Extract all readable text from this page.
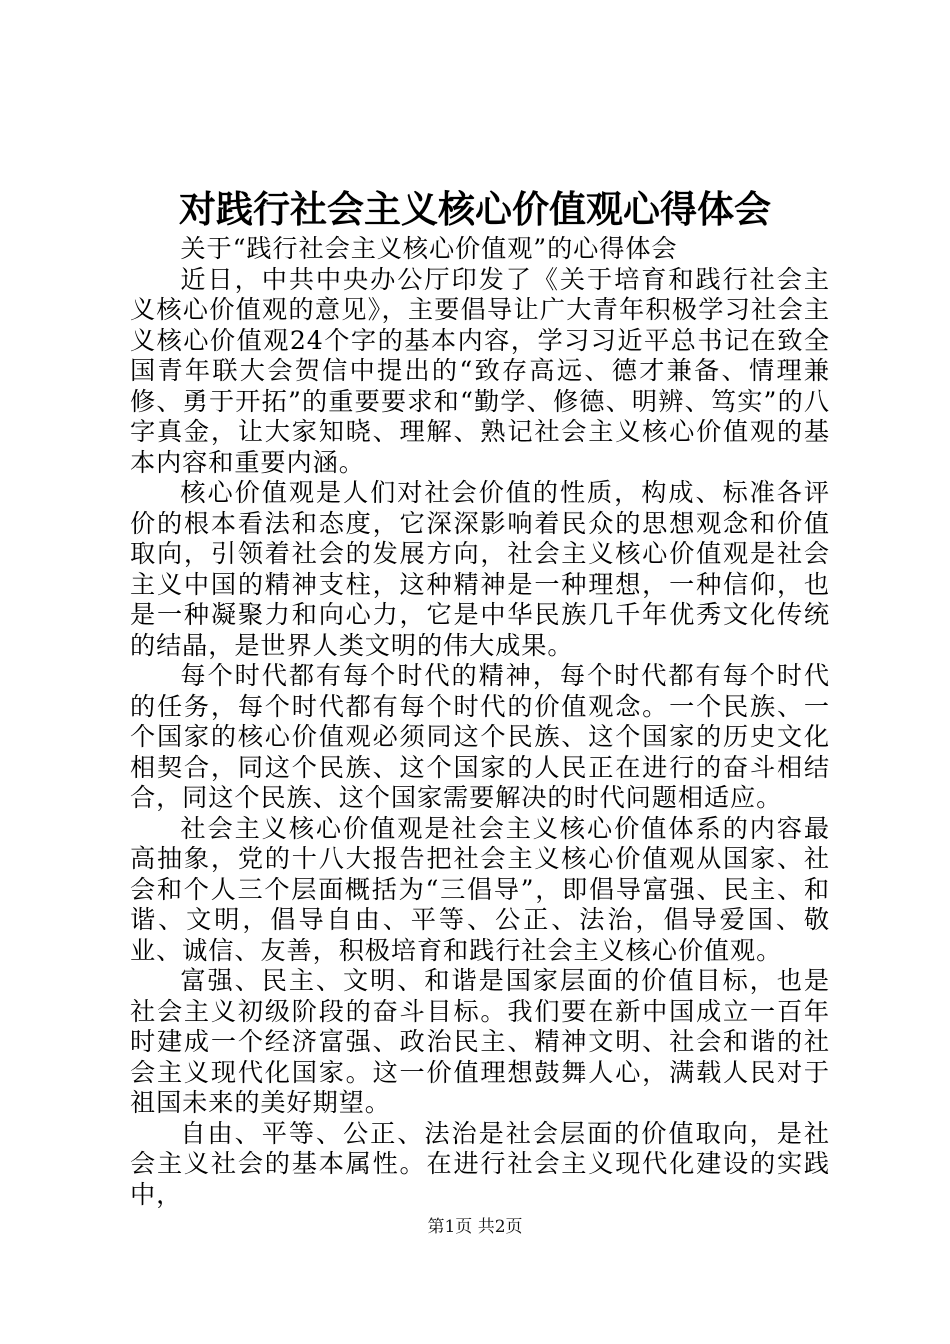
对践行社会主义核心价值观心得体会

关于“践行社会主义核心价值观”的心得体会

近日，中共中央办公厅印发了《关于培育和践行社会主义核心价值观的意见》，主要倡导让广大青年积极学习社会主义核心价值观24个字的基本内容，学习习近平总书记在致全国青年联大会贺信中提出的“致存高远、德才兼备、情理兼修、勇于开拓”的重要要求和“勤学、修德、明辨、笃实”的八字真金，让大家知晓、理解、熟记社会主义核心价值观的基本内容和重要内涵。

核心价值观是人们对社会价值的性质，构成、标准各评价的根本看法和态度，它深深影响着民众的思想观念和价值取向，引领着社会的发展方向，社会主义核心价值观是社会主义中国的精神支柱，这种精神是一种理想，一种信仰，也是一种凝聚力和向心力，它是中华民族几千年优秀文化传统的结晶，是世界人类文明的伟大成果。

每个时代都有每个时代的精神，每个时代都有每个时代的任务，每个时代都有每个时代的价值观念。一个民族、一个国家的核心价值观必须同这个民族、这个国家的历史文化相契合，同这个民族、这个国家的人民正在进行的奋斗相结合，同这个民族、这个国家需要解决的时代问题相适应。

社会主义核心价值观是社会主义核心价值体系的内容最高抽象，党的十八大报告把社会主义核心价值观从国家、社会和个人三个层面概括为“三倡导”，即倡导富强、民主、和谐、文明，倡导自由、平等、公正、法治，倡导爱国、敬业、诚信、友善，积极培育和践行社会主义核心价值观。

富强、民主、文明、和谐是国家层面的价值目标，也是社会主义初级阶段的奋斗目标。我们要在新中国成立一百年时建成一个经济富强、政治民主、精神文明、社会和谐的社会主义现代化国家。这一价值理想鼓舞人心，满载人民对于祖国未来的美好期望。

自由、平等、公正、法治是社会层面的价值取向，是社会主义社会的基本属性。在进行社会主义现代化建设的实践中，

第1页 共2页
